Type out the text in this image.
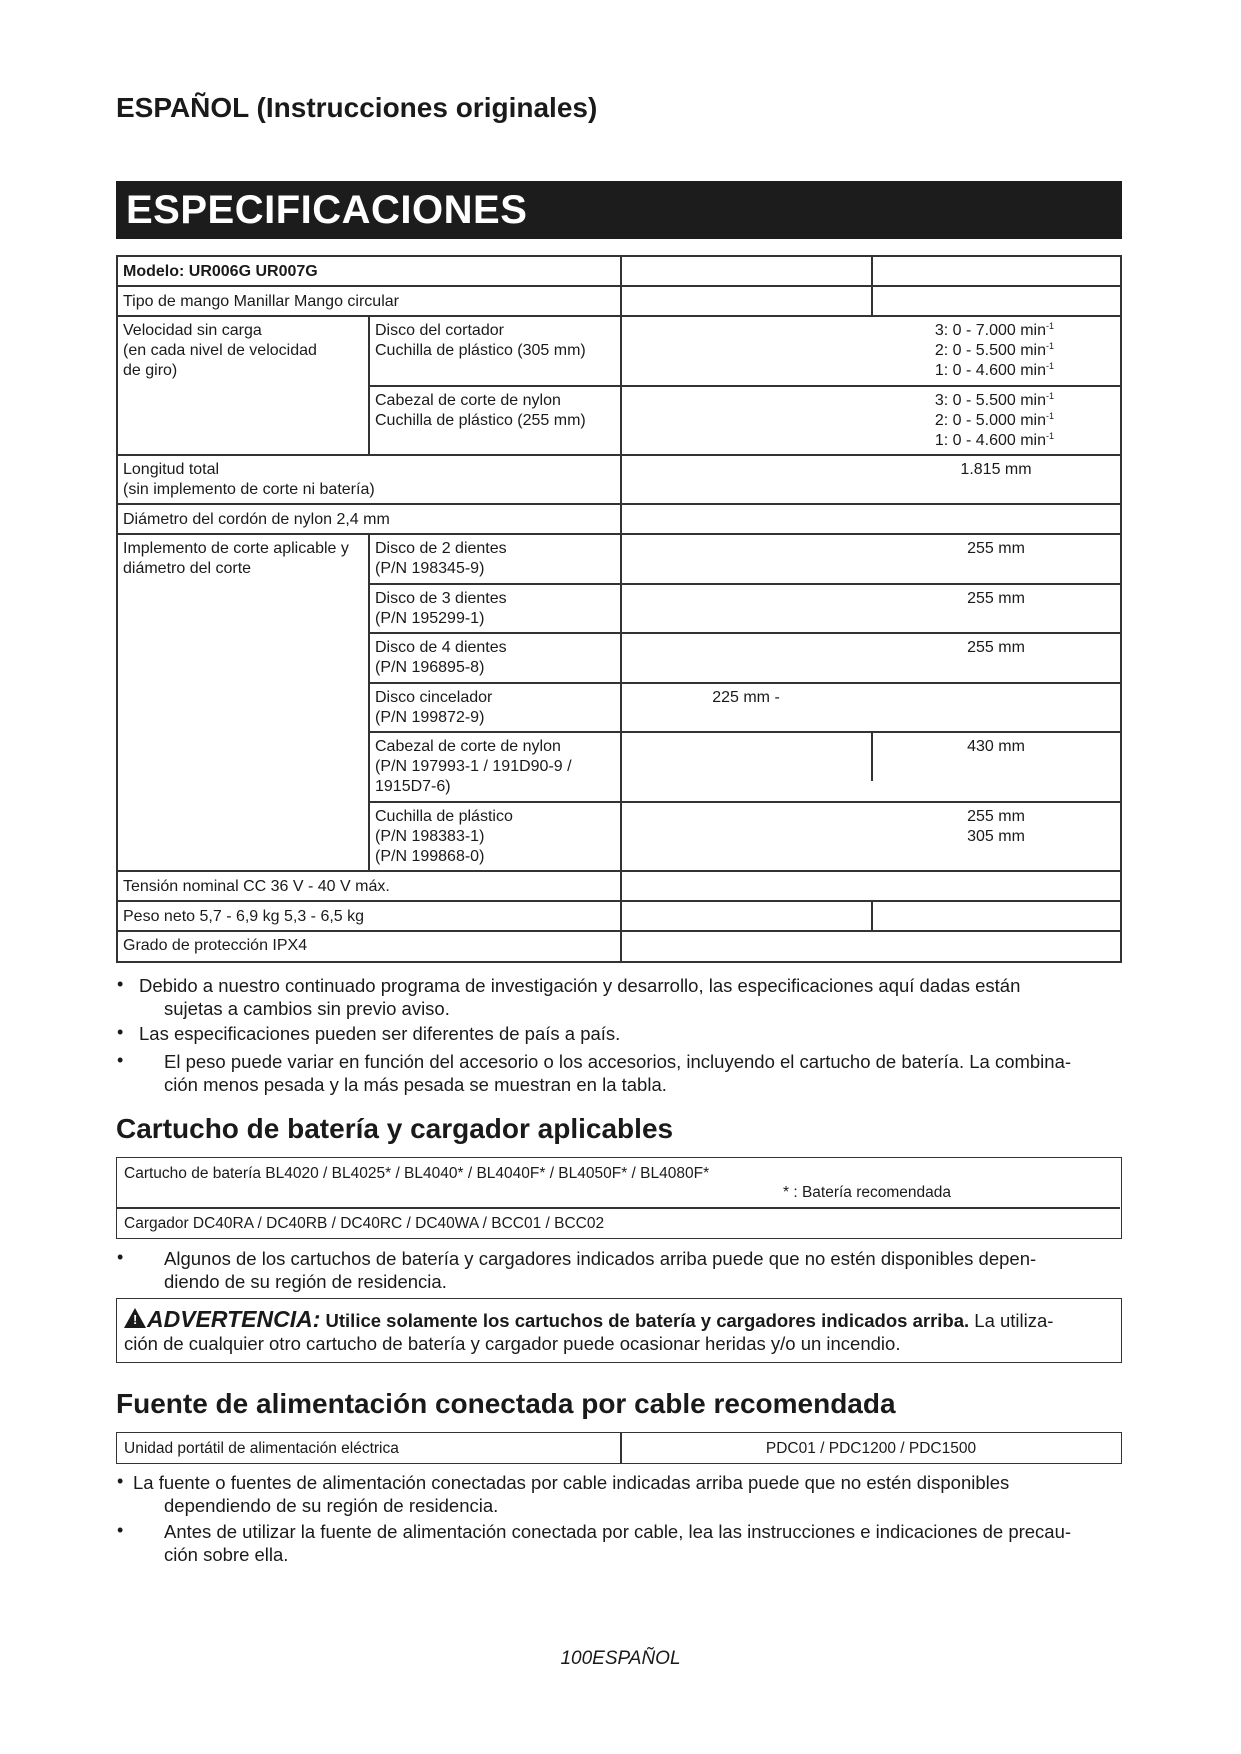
ESPAÑOL (Instrucciones originales)
ESPECIFICACIONES
Modelo: UR006G UR007G
Tipo de mango Manillar Mango circular
Velocidad sin carga
(en cada nivel de velocidad
de giro)
Disco del cortador
Cuchilla de plástico (305 mm)
3: 0 - 7.000 $\min^{-1}$
2: 0 - 5.500 $\min^{-1}$
1: 0 - 4.600 $\min^{-1}$
Cabezal de corte de nylon
Cuchilla de plástico (255 mm)
3: 0 - 5.500 $\min^{-1}$
2: 0 - 5.000 $\min^{-1}$
1: 0 - 4.600 $\min^{-1}$
Longitud total
(sin implemento de corte ni batería)
1.815 mm
Diámetro del cordón de nylon 2,4 mm
Implemento de corte aplicable y
diámetro del corte
Disco de 2 dientes
(P/N 198345-9)
255 mm
Disco de 3 dientes
(P/N 195299-1)
255 mm
Disco de 4 dientes
(P/N 196895-8)
255 mm
Disco cincelador
(P/N 199872-9)
225 mm -
Cabezal de corte de nylon
(P/N 197993-1 / 191D90-9 /
1915D7-6)
430 mm
Cuchilla de plástico
(P/N 198383-1)
(P/N 199868-0)
255 mm
305 mm
Tensión nominal CC 36 V - 40 V máx.
Peso neto 5,7 - 6,9 kg 5,3 - 6,5 kg
Grado de protección IPX4
• Debido a nuestro continuado programa de investigación y desarrollo, las especificaciones aquí dadas están
sujetas a cambios sin previo aviso.
• Las especificaciones pueden ser diferentes de país a país.
• El peso puede variar en función del accesorio o los accesorios, incluyendo el cartucho de batería. La combina-
ción menos pesada y la más pesada se muestran en la tabla.
Cartucho de batería y cargador aplicables
Cartucho de batería BL4020 / BL4025* / BL4040* / BL4040F* / BL4050F* / BL4080F*
* : Batería recomendada
Cargador DC40RA / DC40RB / DC40RC / DC40WA / BCC01 / BCC02
• Algunos de los cartuchos de batería y cargadores indicados arriba puede que no estén disponibles depen-
diendo de su región de residencia.
! ADVERTENCIA: Utilice solamente los cartuchos de batería y cargadores indicados arriba. La utiliza-
ción de cualquier otro cartucho de batería y cargador puede ocasionar heridas y/o un incendio.
Fuente de alimentación conectada por cable recomendada
Unidad portátil de alimentación eléctrica	PDC01 / PDC1200 / PDC1500
• La fuente o fuentes de alimentación conectadas por cable indicadas arriba puede que no estén disponibles
dependiendo de su región de residencia.
• Antes de utilizar la fuente de alimentación conectada por cable, lea las instrucciones e indicaciones de precau-
ción sobre ella.
100ESPAÑOL
